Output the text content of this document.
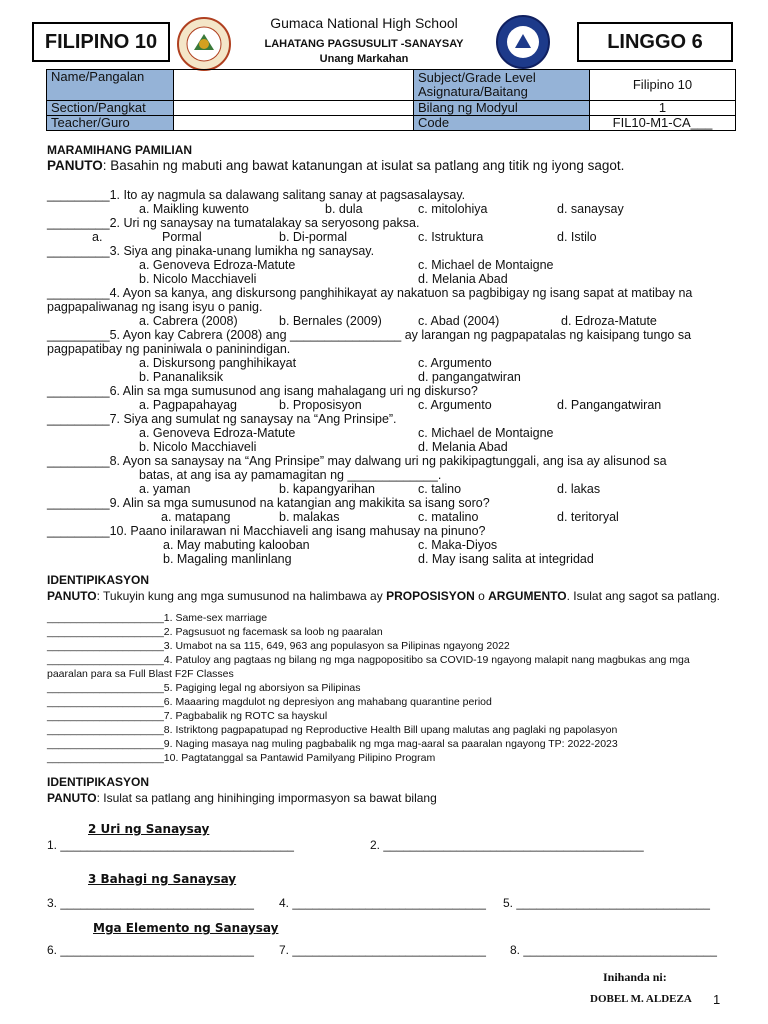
FILIPINO 10
Gumaca National High School
LAHATANG PAGSUSULIT -SANAYSAY
Unang Markahan
LINGGO 6
Name/Pangalan		Subject/Grade Level Asignatura/Baitang	Filipino 10

Section/Pangkat		Bilang ng Modyul	1
Teacher/Guro		Code	FIL10-M1-CA___
MARAMIHANG PAMILIAN
PANUTO: Basahin ng mabuti ang bawat katanungan at isulat sa patlang ang titik ng iyong sagot.
_________1. Ito ay nagmula sa dalawang salitang sanay at pagsasalaysay.
a. Maikling kuwento	b. dula	c. mitolohiya	d. sanaysay
_________2. Uri ng sanaysay na tumatalakay sa seryosong paksa.
a.	Pormal	b. Di-pormal	c. Istruktura	d. Istilo
_________3. Siya ang pinaka-unang lumikha ng sanaysay.
a. Genoveva Edroza-Matute	c. Michael de Montaigne
b. Nicolo Macchiaveli	d. Melania Abad
_________4. Ayon sa kanya, ang diskursong panghihikayat ay nakatuon sa pagbibigay ng isang sapat at matibay na
pagpapaliwanag ng isang isyu o panig.
a. Cabrera (2008)	b. Bernales (2009)	c. Abad (2004)	d. Edroza-Matute
_________5. Ayon kay Cabrera (2008) ang ________________ ay larangan ng pagpapatalas ng kaisipang tungo sa
pagpapatibay ng paniniwala o paninindigan.
a. Diskursong panghihikayat	c. Argumento
b. Pananaliksik	d. pangangatwiran
_________6. Alin sa mga sumusunod ang isang mahalagang uri ng diskurso?
a. Pagpapahayag	b. Proposisyon	c. Argumento	d. Pangangatwiran
_________7. Siya ang sumulat ng sanaysay na “Ang Prinsipe”.
a. Genoveva Edroza-Matute	c. Michael de Montaigne
b. Nicolo Macchiaveli	d. Melania Abad
_________8. Ayon sa sanaysay na “Ang Prinsipe” may dalwang uri ng pakikipagtunggali, ang isa ay alisunod sa
batas, at ang isa ay pamamagitan ng _____________.
a. yaman	b. kapangyarihan	c. talino	d. lakas
_________9. Alin sa mga sumusunod na katangian ang makikita sa isang soro?
a. matapang	b. malakas	c. matalino	d. teritoryal
_________10. Paano inilarawan ni Macchiaveli ang isang mahusay na pinuno?
a. May mabuting kalooban	c. Maka-Diyos
b. Magaling manlinlang	d. May isang salita at integridad
IDENTIPIKASYON
PANUTO: Tukuyin kung ang mga sumusunod na halimbawa ay PROPOSISYON o ARGUMENTO. Isulat ang sagot sa patlang.
____________________1. Same-sex marriage
____________________2. Pagsusuot ng facemask sa loob ng paaralan
____________________3. Umabot na sa 115, 649, 963 ang populasyon sa Pilipinas ngayong 2022
____________________4. Patuloy ang pagtaas ng bilang ng mga nagpopositibo sa COVID-19 ngayong malapit nang magbukas ang mga
paaralan para sa Full Blast F2F Classes
____________________5. Pagiging legal ng aborsiyon sa Pilipinas
____________________6. Maaaring magdulot ng depresiyon ang mahabang quarantine period
____________________7. Pagbabalik ng ROTC sa hayskul
____________________8. Istriktong pagpapatupad ng Reproductive Health Bill upang malutas ang paglaki ng papolasyon
____________________9. Naging masaya nag muling pagbabalik ng mga mag-aaral sa paaralan ngayong TP: 2022-2023
____________________10. Pagtatanggal sa Pantawid Pamilyang Pilipino Program
IDENTIPIKASYON
PANUTO: Isulat sa patlang ang hinihinging impormasyon sa bawat bilang
2 Uri ng Sanaysay
1. ___________________________________	2. _______________________________________
3 Bahagi ng Sanaysay
3. _____________________________ 4. _____________________________ 5. _____________________________
Mga Elemento ng Sanaysay
6. _____________________________ 7. _____________________________ 8. _____________________________
Inihanda ni:
DOBEL M. ALDEZA 1
